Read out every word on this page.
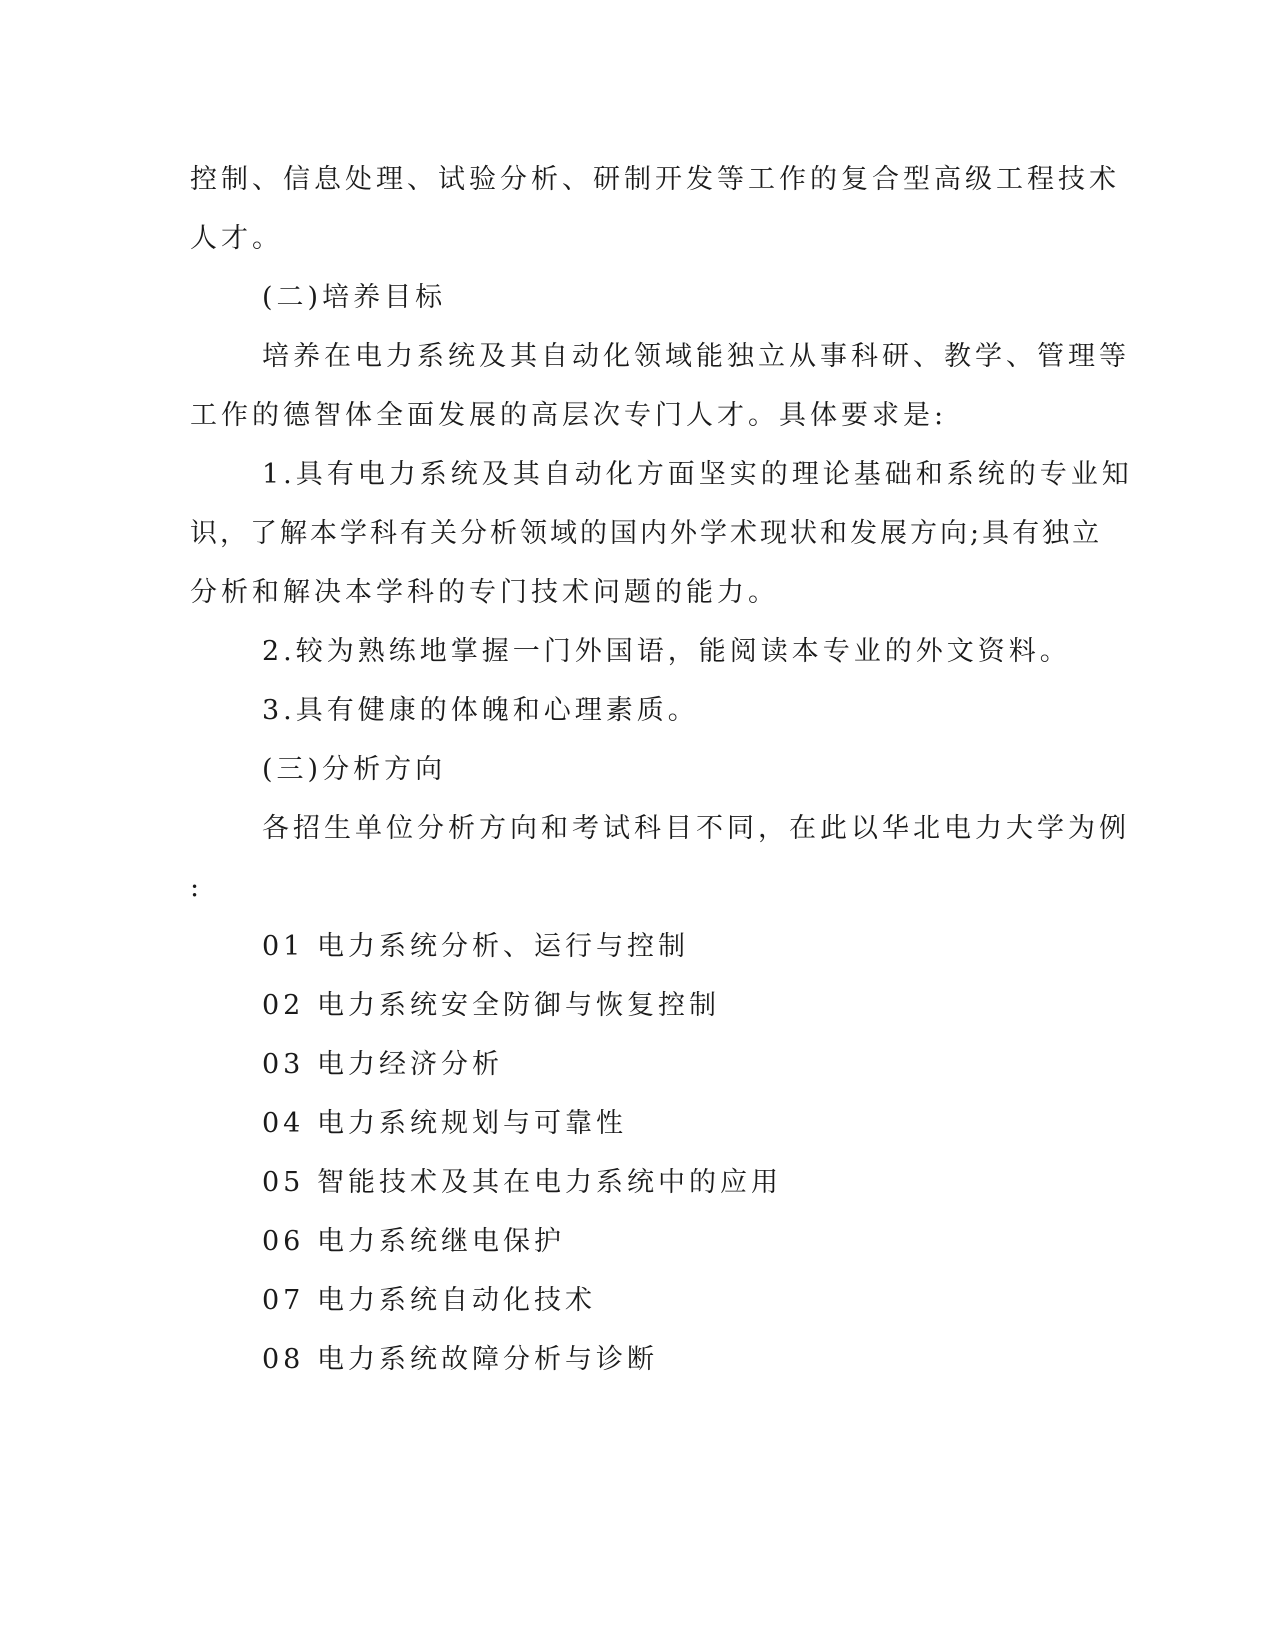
控制、信息处理、试验分析、研制开发等工作的复合型高级工程技术
人才。
(二)培养目标
培养在电力系统及其自动化领域能独立从事科研、教学、管理等
工作的德智体全面发展的高层次专门人才。具体要求是:
1.具有电力系统及其自动化方面坚实的理论基础和系统的专业知
识，了解本学科有关分析领域的国内外学术现状和发展方向;具有独立
分析和解决本学科的专门技术问题的能力。
2.较为熟练地掌握一门外国语，能阅读本专业的外文资料。
3.具有健康的体魄和心理素质。
(三)分析方向
各招生单位分析方向和考试科目不同，在此以华北电力大学为例
:
01 电力系统分析、运行与控制
02 电力系统安全防御与恢复控制
03 电力经济分析
04 电力系统规划与可靠性
05 智能技术及其在电力系统中的应用
06 电力系统继电保护
07 电力系统自动化技术
08 电力系统故障分析与诊断
